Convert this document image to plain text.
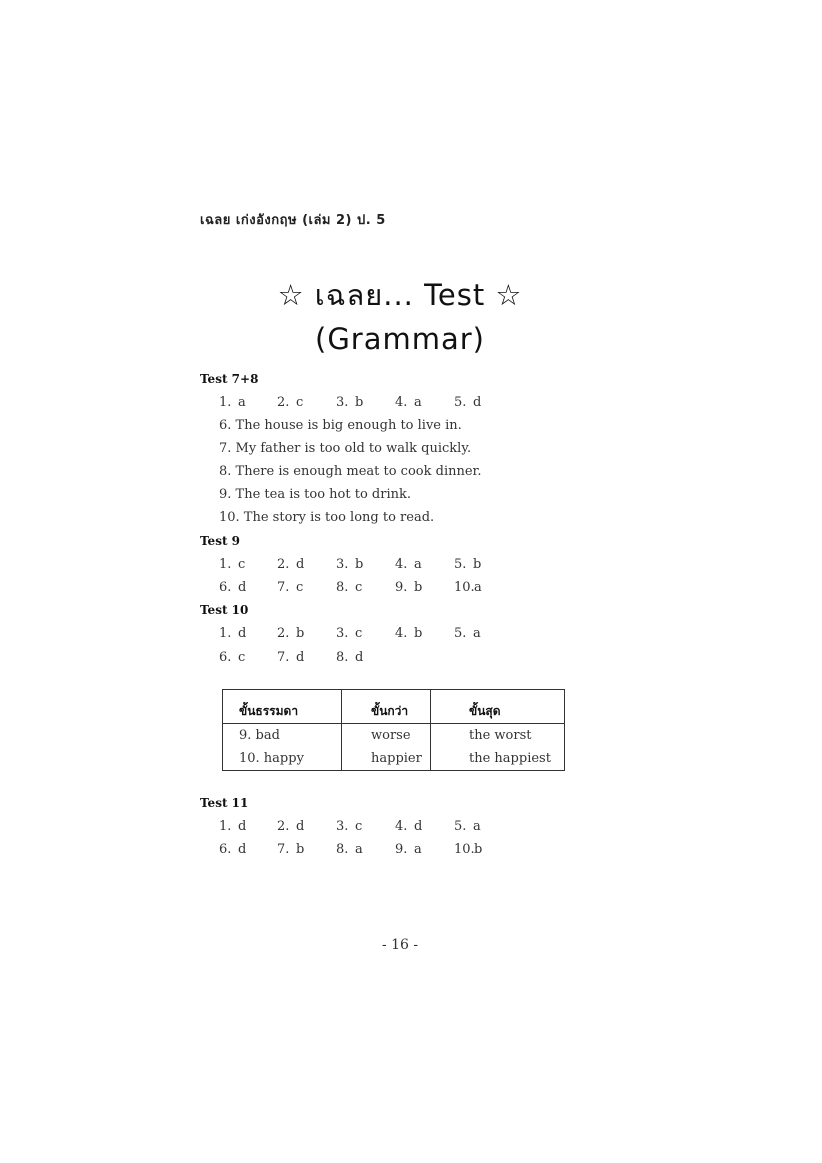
เฉลย เก่งอังกฤษ (เล่ม 2) ป. 5
☆ เฉลย... Test ☆
(Grammar)
Test 7+8
1. a 2. c	3. b 4. a 5. d
6. The house is big enough to live in.
7. My father is too old to walk quickly.
8. There is enough meat to cook dinner.
9. The tea is too hot to drink.
10. The story is too long to read.
Test 9
1. c 2. d 3. b 4. a 5. b
6. d 7. c	8. c	9. b 10. a
Test 10
1. d 2. b 3. c	4. b 5. a
6. c 7. d 8. d
ขั้นธรรมดา	ขั้นกว่า	ขั้นสุด
9. bad	worse	the worst
10. happy	happier	the happiest
Test 11
1. d 2. d 3. c	4. d 5. a
6. d 7. b 8. a 9. a 10. b
- 16 -
